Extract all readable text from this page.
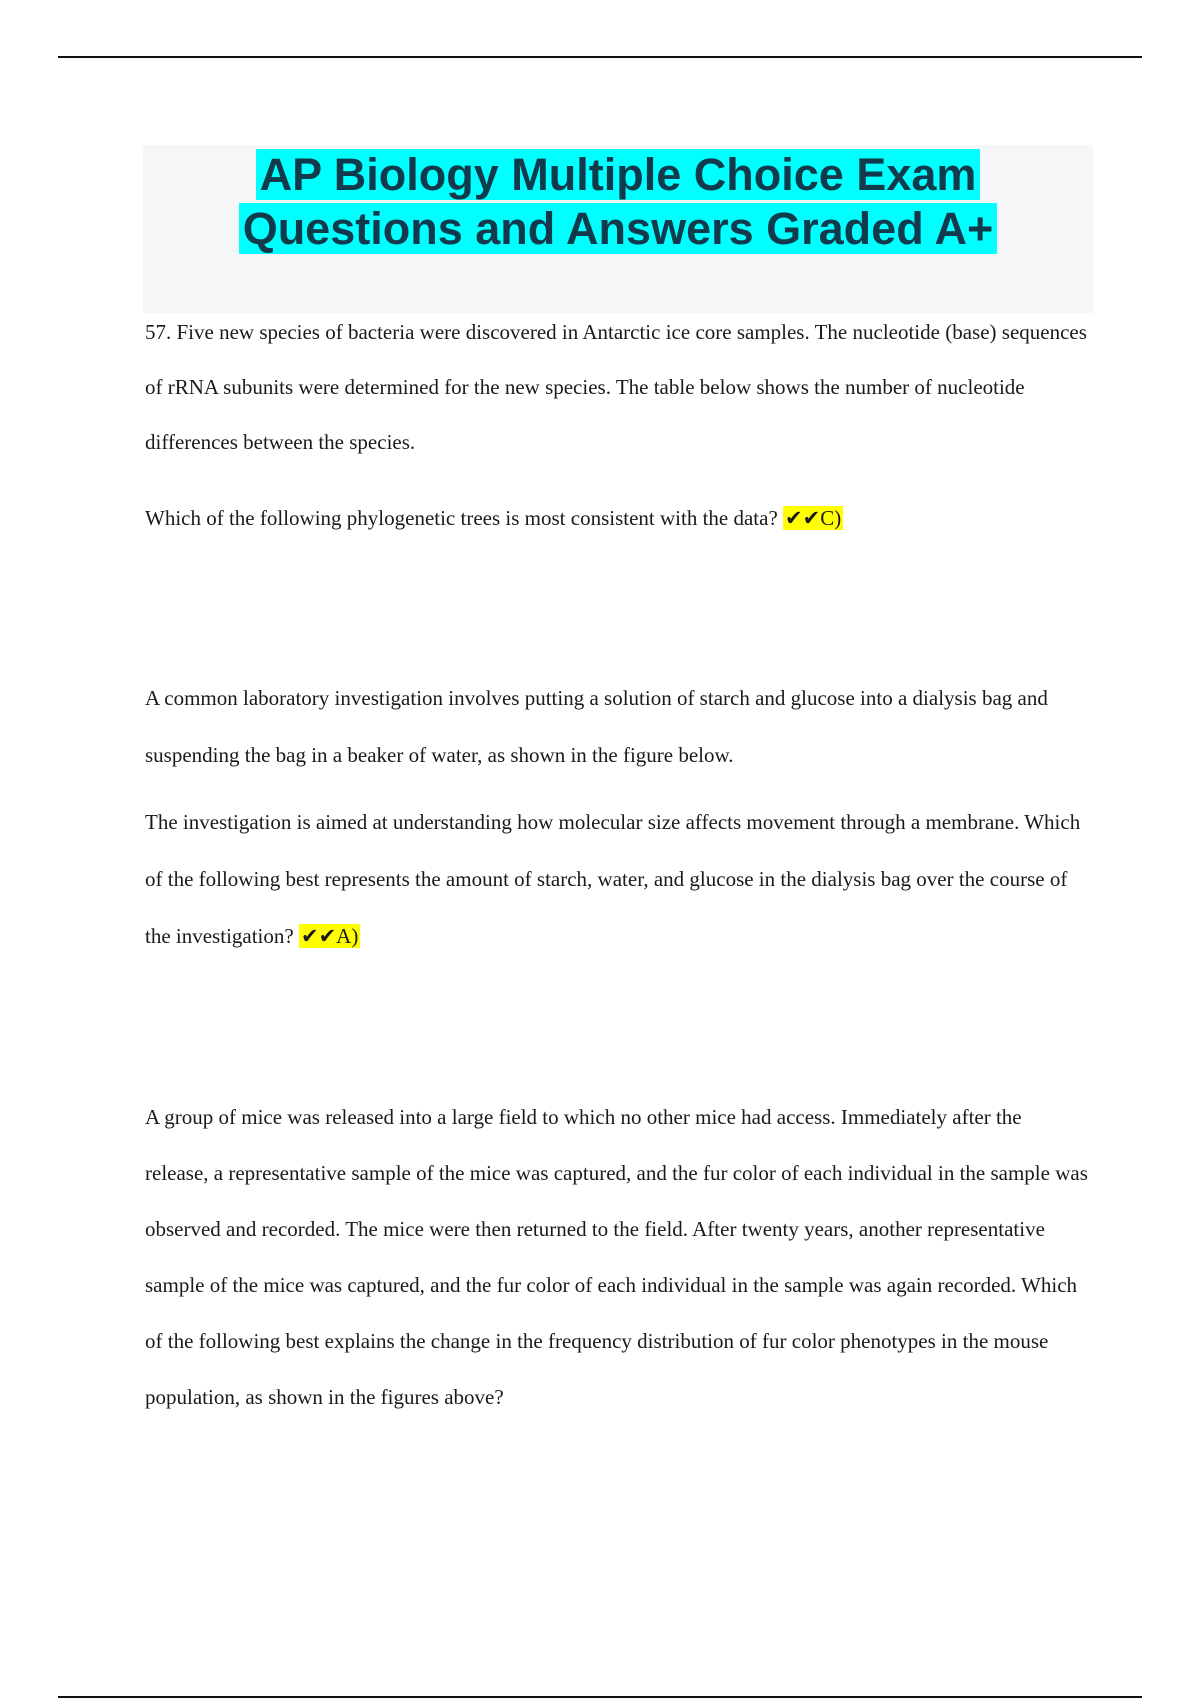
AP Biology Multiple Choice Exam Questions and Answers Graded A+

57. Five new species of bacteria were discovered in Antarctic ice core samples. The nucleotide (base) sequences of rRNA subunits were determined for the new species. The table below shows the number of nucleotide differences between the species.

Which of the following phylogenetic trees is most consistent with the data? ✔✔C)

A common laboratory investigation involves putting a solution of starch and glucose into a dialysis bag and suspending the bag in a beaker of water, as shown in the figure below.

The investigation is aimed at understanding how molecular size affects movement through a membrane. Which of the following best represents the amount of starch, water, and glucose in the dialysis bag over the course of the investigation? ✔✔A)

A group of mice was released into a large field to which no other mice had access. Immediately after the release, a representative sample of the mice was captured, and the fur color of each individual in the sample was observed and recorded. The mice were then returned to the field. After twenty years, another representative sample of the mice was captured, and the fur color of each individual in the sample was again recorded. Which of the following best explains the change in the frequency distribution of fur color phenotypes in the mouse population, as shown in the figures above?
